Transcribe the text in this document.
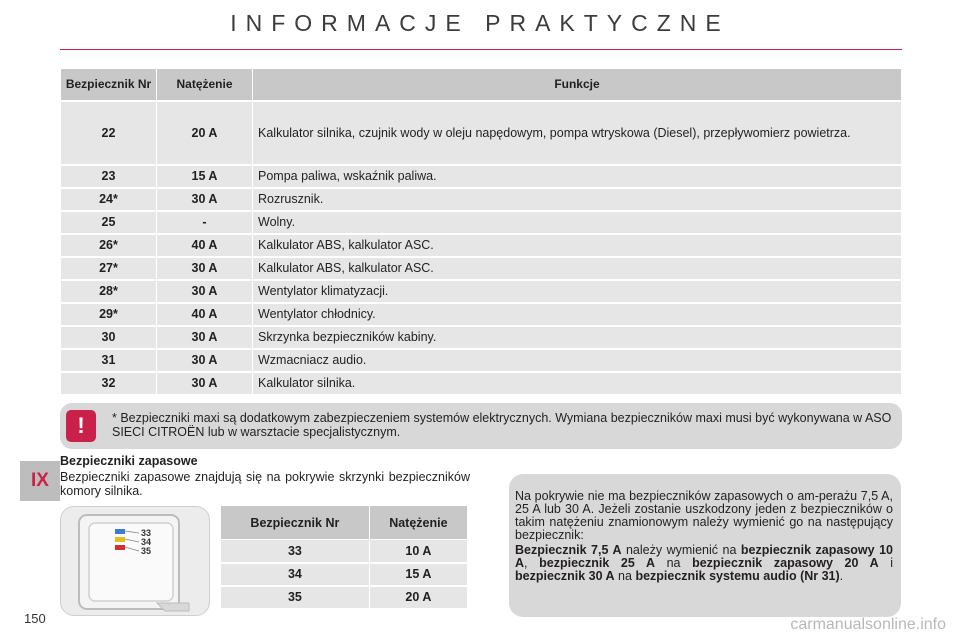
INFORMACJE PRAKTYCZNE
IX
Bezpiecznik Nr	Natężenie	Funkcje
22	20 A	Kalkulator silnika, czujnik wody w oleju napędowym, pompa wtryskowa (Diesel), przepływomierz powietrza.
23	15 A	Pompa paliwa, wskaźnik paliwa.
24*	30 A	Rozrusznik.
25	-	Wolny.
26*	40 A	Kalkulator ABS, kalkulator ASC.
27*	30 A	Kalkulator ABS, kalkulator ASC.
28*	30 A	Wentylator klimatyzacji.
29*	40 A	Wentylator chłodnicy.
30	30 A	Skrzynka bezpieczników kabiny.
31	30 A	Wzmacniacz audio.
32	30 A	Kalkulator silnika.
!	* Bezpieczniki maxi są dodatkowym zabezpieczeniem systemów elektrycznych. Wymiana bezpieczników maxi musi być wykonywana w ASO SIECI CITROËN lub w warsztacie specjalistycznym.
Bezpieczniki zapasowe
Bezpieczniki zapasowe znajdują się na pokrywie skrzynki bezpieczników komory silnika.
33
34
35
Bezpiecznik Nr	Natężenie
33	10 A
34	15 A
35	20 A

Na pokrywie nie ma bezpieczników zapasowych o am-perażu 7,5 A, 25 A lub 30 A. Jeżeli zostanie uszkodzony jeden z bezpieczników o takim natężeniu znamionowym należy wymienić go na następujący bezpiecznik:

Bezpiecznik 7,5 A należy wymienić na bezpiecznik zapasowy 10 A, bezpiecznik 25 A na bezpiecznik zapasowy 20 A i bezpiecznik 30 A na bezpiecznik systemu audio (Nr 31).

150	carmanualsonline.info
